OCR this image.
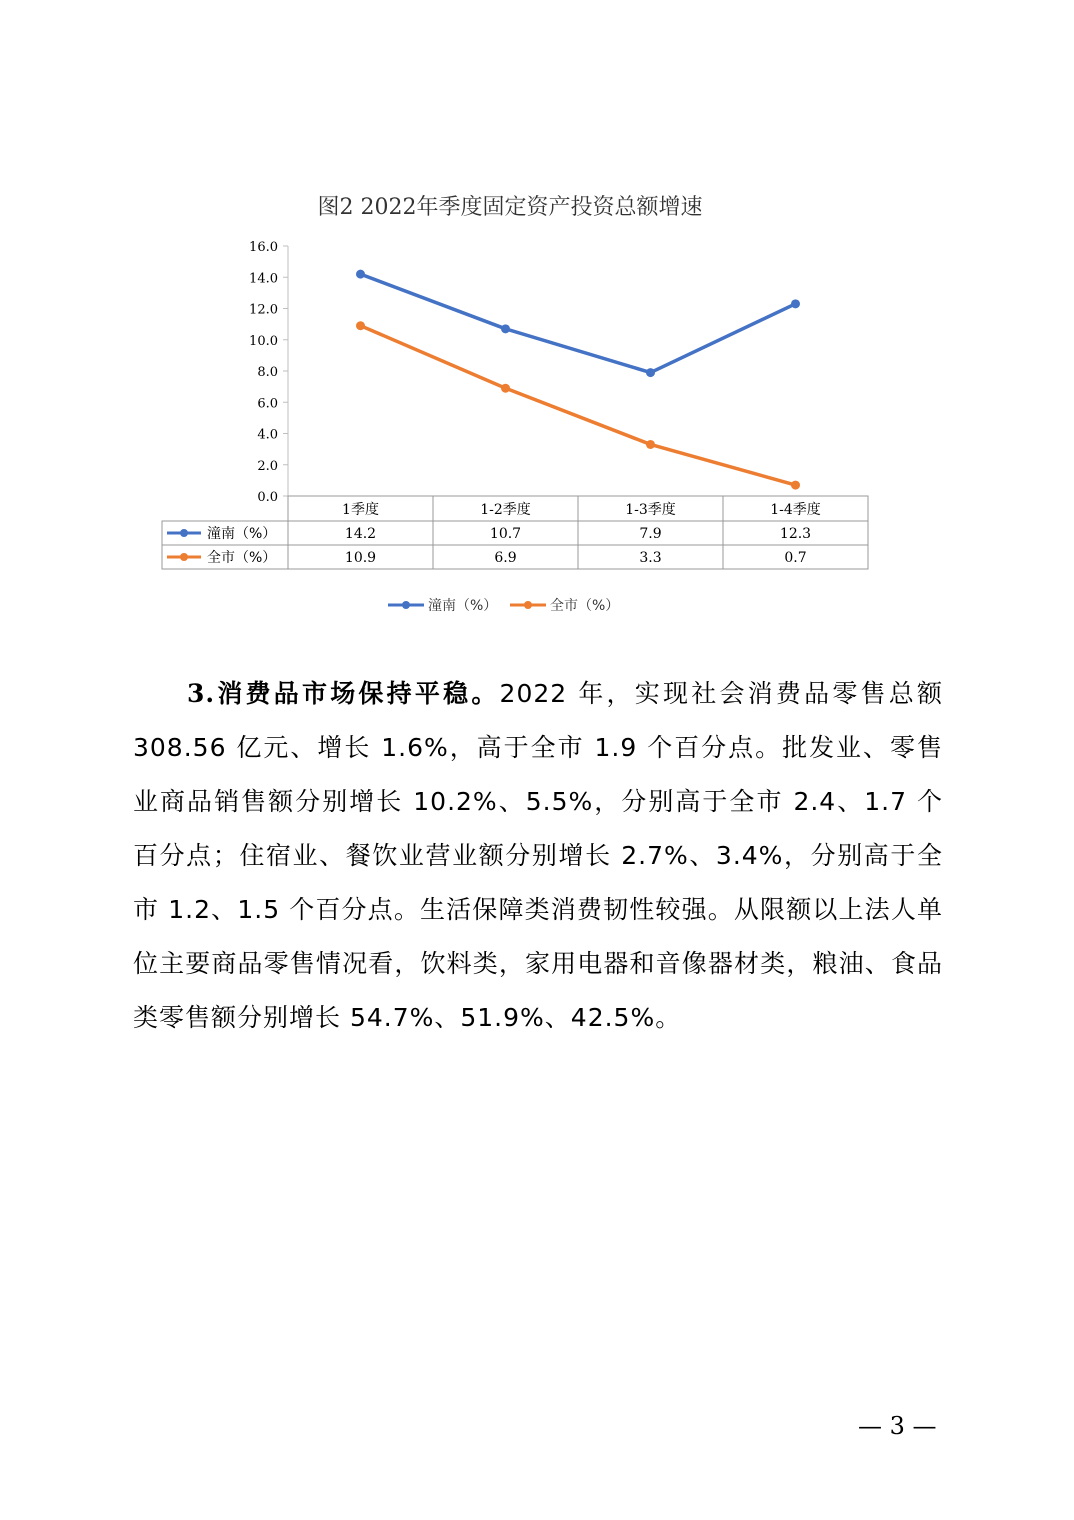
图2 2022年季度固定资产投资总额增速
0.0
2.0
4.0
6.0
8.0
10.0
12.0
14.0
16.0
1季度	1-2季度	1-3季度	1-4季度
潼南（%）	14.2	10.7	7.9	12.3
全市（%）	10.9	6.9	3.3	0.7
潼南（%）	全市（%）
3.消费品市场保持平稳。2022 年，实现社会消费品零售总额 308.56 亿元、增长 1.6%，高于全市 1.9 个百分点。批发业、零售业商品销售额分别增长 10.2%、5.5%，分别高于全市 2.4、1.7 个百分点；住宿业、餐饮业营业额分别增长 2.7%、3.4%，分别高于全市 1.2、1.5 个百分点。生活保障类消费韧性较强。从限额以上法人单位主要商品零售情况看，饮料类，家用电器和音像器材类，粮油、食品类零售额分别增长 54.7%、51.9%、42.5%。
— 3 —
